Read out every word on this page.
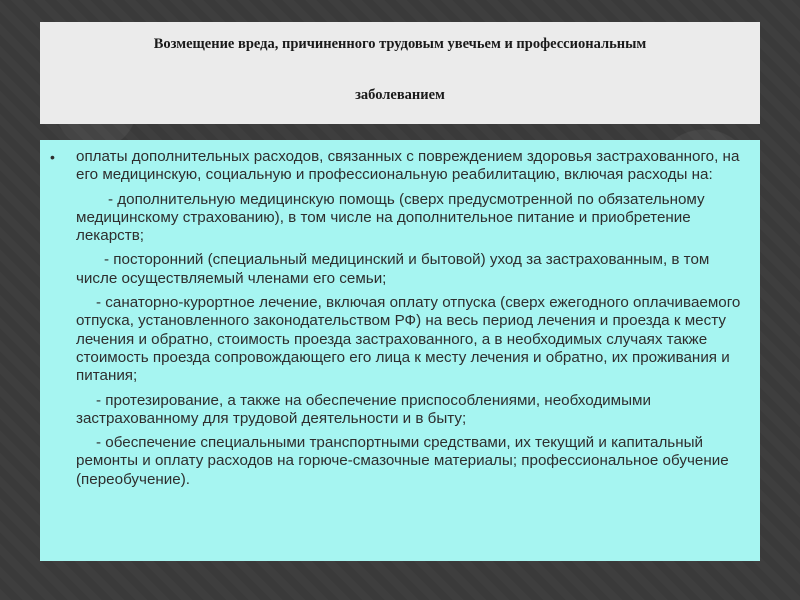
Возмещение вреда, причиненного трудовым увечьем и профессиональным
заболеванием
•	оплаты дополнительных расходов, связанных с повреждением здоровья застрахованного, на его медицинскую, социальную и профессиональную реабилитацию, включая расходы на:
- дополнительную медицинскую помощь (сверх предусмотренной по обязательному медицинскому страхованию), в том числе на дополнительное питание и приобретение лекарств;
- посторонний (специальный медицинский и бытовой) уход за застрахованным, в том числе осуществляемый членами его семьи;
- санаторно-курортное лечение, включая оплату отпуска (сверх ежегодного оплачиваемого отпуска, установленного законодательством РФ) на весь период лечения и проезда к месту лечения и обратно, стоимость проезда застрахованного, а в необходимых случаях также стоимость проезда сопровождающего его лица к месту лечения и обратно, их проживания и питания;
- протезирование, а также на обеспечение приспособлениями, необходимыми застрахованному для трудовой деятельности и в быту;
- обеспечение специальными транспортными средствами, их текущий и капитальный ремонты и оплату расходов на горюче-смазочные материалы; профессиональное обучение (переобучение).
